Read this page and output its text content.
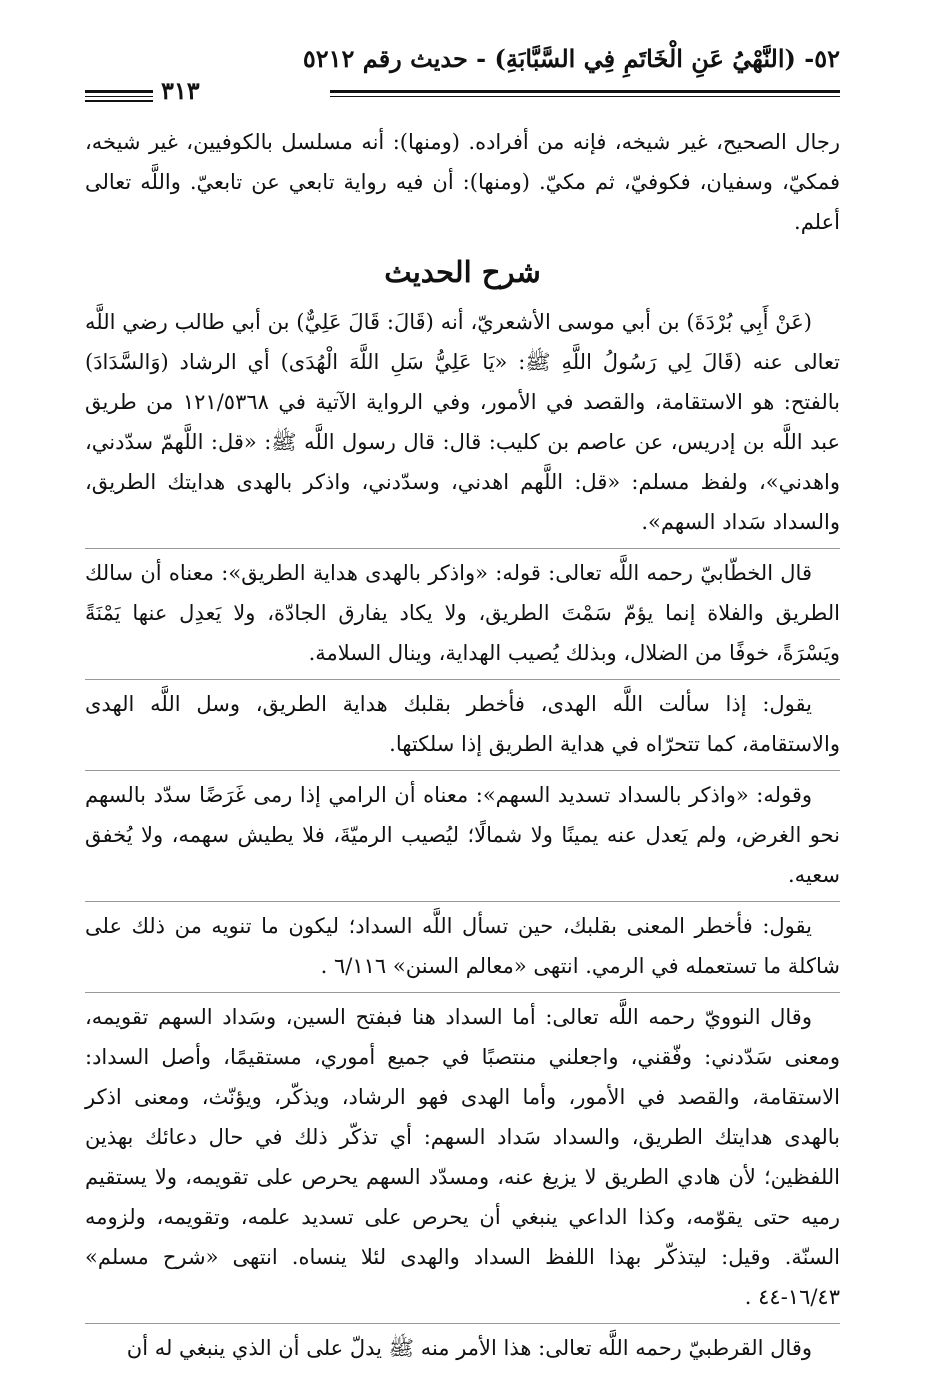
٥٢- (النَّهْيُ عَنِ الْخَاتَمِ فِي السَّبَّابَةِ) - حديث رقم ٥٢١٢
٣١٣

رجال الصحيح، غير شيخه، فإنه من أفراده. (ومنها): أنه مسلسل بالكوفيين، غير شيخه، فمكيّ، وسفيان، فكوفيّ، ثم مكيّ. (ومنها): أن فيه رواية تابعي عن تابعيّ. واللَّه تعالى أعلم.

شرح الحديث

(عَنْ أَبِي بُرْدَةَ) بن أبي موسى الأشعريّ، أنه (قَالَ: قَالَ عَلِيٌّ) بن أبي طالب رضي اللَّه تعالى عنه (قَالَ لِي رَسُولُ اللَّهِ ﷺ: «يَا عَلِيُّ سَلِ اللَّهَ الْهُدَى) أي الرشاد (وَالسَّدَادَ) بالفتح: هو الاستقامة، والقصد في الأمور، وفي الرواية الآتية في ١٢١/٥٣٦٨ من طريق عبد اللَّه بن إدريس، عن عاصم بن كليب: قال: قال رسول اللَّه ﷺ: «قل: اللَّهمّ سدّدني، واهدني»، ولفظ مسلم: «قل: اللَّهم اهدني، وسدّدني، واذكر بالهدى هدايتك الطريق، والسداد سَداد السهم».

قال الخطّابيّ رحمه اللَّه تعالى: قوله: «واذكر بالهدى هداية الطريق»: معناه أن سالك الطريق والفلاة إنما يؤمّ سَمْتَ الطريق، ولا يكاد يفارق الجادّة، ولا يَعدِل عنها يَمْنَةً ويَسْرَةً، خوفًا من الضلال، وبذلك يُصيب الهداية، وينال السلامة.

يقول: إذا سألت اللَّه الهدى، فأخطر بقلبك هداية الطريق، وسل اللَّه الهدى والاستقامة، كما تتحرّاه في هداية الطريق إذا سلكتها.

وقوله: «واذكر بالسداد تسديد السهم»: معناه أن الرامي إذا رمى غَرَضًا سدّد بالسهم نحو الغرض، ولم يَعدل عنه يمينًا ولا شمالًا؛ ليُصيب الرميّةَ، فلا يطيش سهمه، ولا يُخفق سعيه.

يقول: فأخطر المعنى بقلبك، حين تسأل اللَّه السداد؛ ليكون ما تنويه من ذلك على شاكلة ما تستعمله في الرمي. انتهى «معالم السنن» ٦/١١٦ .

وقال النوويّ رحمه اللَّه تعالى: أما السداد هنا فبفتح السين، وسَداد السهم تقويمه، ومعنى سَدّدني: وفّقني، واجعلني منتصبًا في جميع أموري، مستقيمًا، وأصل السداد: الاستقامة، والقصد في الأمور، وأما الهدى فهو الرشاد، ويذكّر، ويؤنّث، ومعنى اذكر بالهدى هدايتك الطريق، والسداد سَداد السهم: أي تذكّر ذلك في حال دعائك بهذين اللفظين؛ لأن هادي الطريق لا يزيغ عنه، ومسدّد السهم يحرص على تقويمه، ولا يستقيم رميه حتى يقوّمه، وكذا الداعي ينبغي أن يحرص على تسديد علمه، وتقويمه، ولزومه السنّة. وقيل: ليتذكّر بهذا اللفظ السداد والهدى لئلا ينساه. انتهى «شرح مسلم» ١٦/٤٣-٤٤ .

وقال القرطبيّ رحمه اللَّه تعالى: هذا الأمر منه ﷺ يدلّ على أن الذي ينبغي له أن
